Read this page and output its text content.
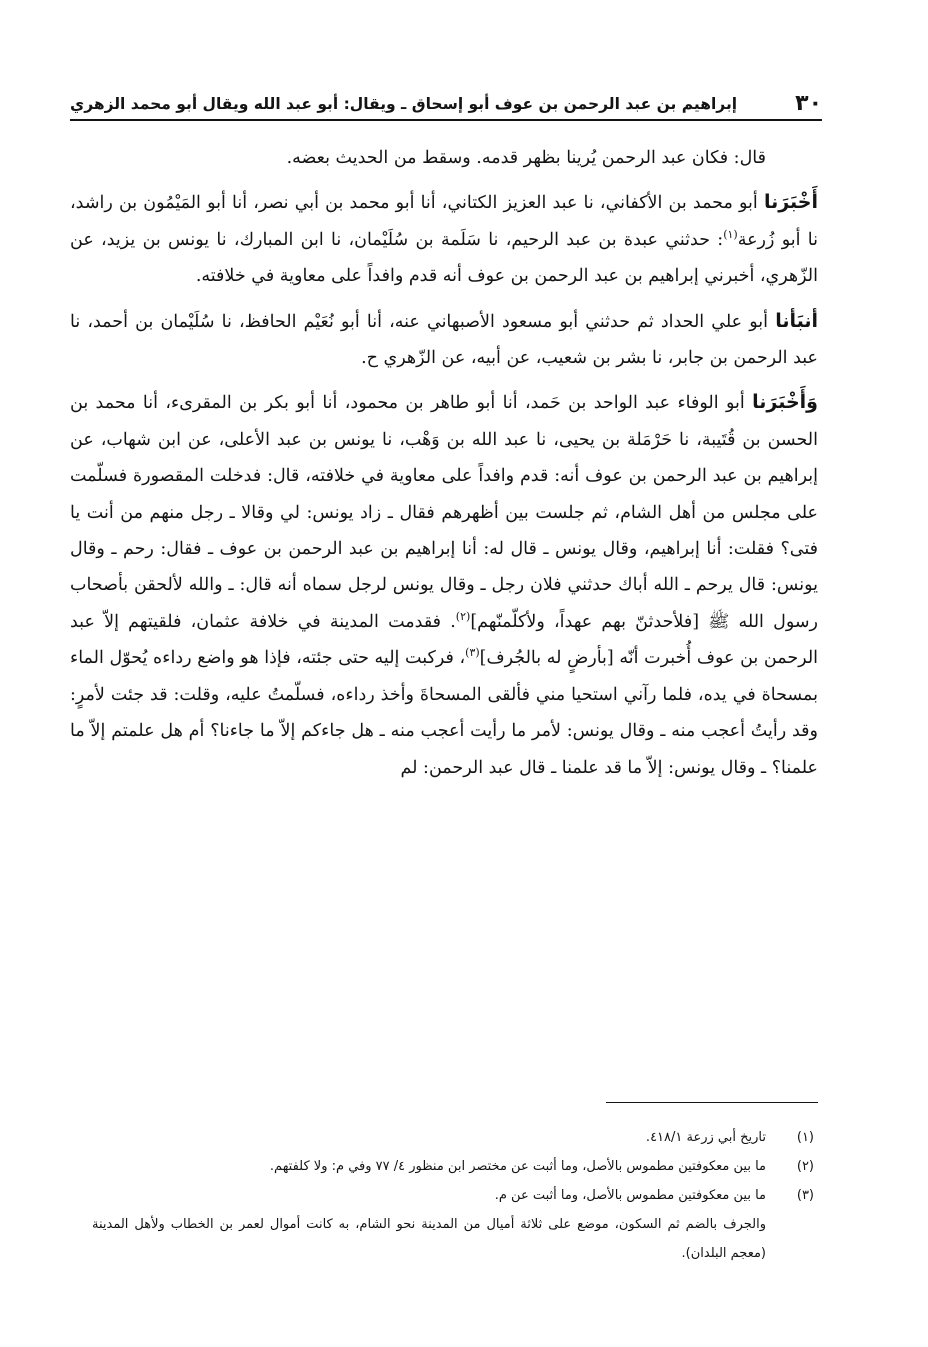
٣٠
إبراهيم بن عبد الرحمن بن عوف أبو إسحاق ـ ويقال: أبو عبد الله ويقال أبو محمد الزهري

قال: فكان عبد الرحمن يُرينا بظهر قدمه. وسقط من الحديث بعضه.

أَخْبَرَنا أبو محمد بن الأكفاني، نا عبد العزيز الكتاني، أنا أبو محمد بن أبي نصر، أنا أبو المَيْمُون بن راشد، نا أبو زُرعة$^{(١)}$: حدثني عبدة بن عبد الرحيم، نا سَلَمة بن سُلَيْمان، نا ابن المبارك، نا يونس بن يزيد، عن الزّهري، أخبرني إبراهيم بن عبد الرحمن بن عوف أنه قدم وافداً على معاوية في خلافته.

أنبَأنا أبو علي الحداد ثم حدثني أبو مسعود الأصبهاني عنه، أنا أبو نُعَيْم الحافظ، نا سُلَيْمان بن أحمد، نا عبد الرحمن بن جابر، نا بشر بن شعيب، عن أبيه، عن الزّهري ح.

وَأَخْبَرَنا أبو الوفاء عبد الواحد بن حَمد، أنا أبو طاهر بن محمود، أنا أبو بكر بن المقرىء، أنا محمد بن الحسن بن قُتَيبة، نا حَرْمَلة بن يحيى، نا عبد الله بن وَهْب، نا يونس بن عبد الأعلى، عن ابن شهاب، عن إبراهيم بن عبد الرحمن بن عوف أنه: قدم وافداً على معاوية في خلافته، قال: فدخلت المقصورة فسلّمت على مجلس من أهل الشام، ثم جلست بين أظهرهم فقال ـ زاد يونس: لي وقالا ـ رجل منهم من أنت يا فتى؟ فقلت: أنا إبراهيم، وقال يونس ـ قال له: أنا إبراهيم بن عبد الرحمن بن عوف ـ فقال: رحم ـ وقال يونس: قال يرحم ـ الله أباك حدثني فلان رجل ـ وقال يونس لرجل سماه أنه قال: ـ والله لألحقن بأصحاب رسول الله ﷺ [فلأحدثنّ بهم عهداً، ولأكلّمنّهم]$^{(٢)}$. فقدمت المدينة في خلافة عثمان، فلقيتهم إلاّ عبد الرحمن بن عوف أُخبرت أنّه [بأرضٍ له بالجُرف]$^{(٣)}$، فركبت إليه حتى جئته، فإذا هو واضع رداءه يُحوّل الماء بمسحاة في يده، فلما رآني استحيا مني فألقى المسحاةَ وأخذ رداءه، فسلّمتُ عليه، وقلت: قد جئت لأمرٍ: وقد رأيتُ أعجب منه ـ وقال يونس: لأمر ما رأيت أعجب منه ـ هل جاءكم إلاّ ما جاءنا؟ أم هل علمتم إلاّ ما علمنا؟ ـ وقال يونس: إلاّ ما قد علمنا ـ قال عبد الرحمن: لم

(١)
تاريخ أبي زرعة ٤١٨/١.
(٢)
ما بين معكوفتين مطموس بالأصل، وما أثبت عن مختصر ابن منظور ٤/ ٧٧ وفي م: ولا كلفتهم.
(٣)
ما بين معكوفتين مطموس بالأصل، وما أثبت عن م.
والجرف بالضم ثم السكون، موضع على ثلاثة أميال من المدينة نحو الشام، به كانت أموال لعمر بن الخطاب ولأهل المدينة (معجم البلدان).
